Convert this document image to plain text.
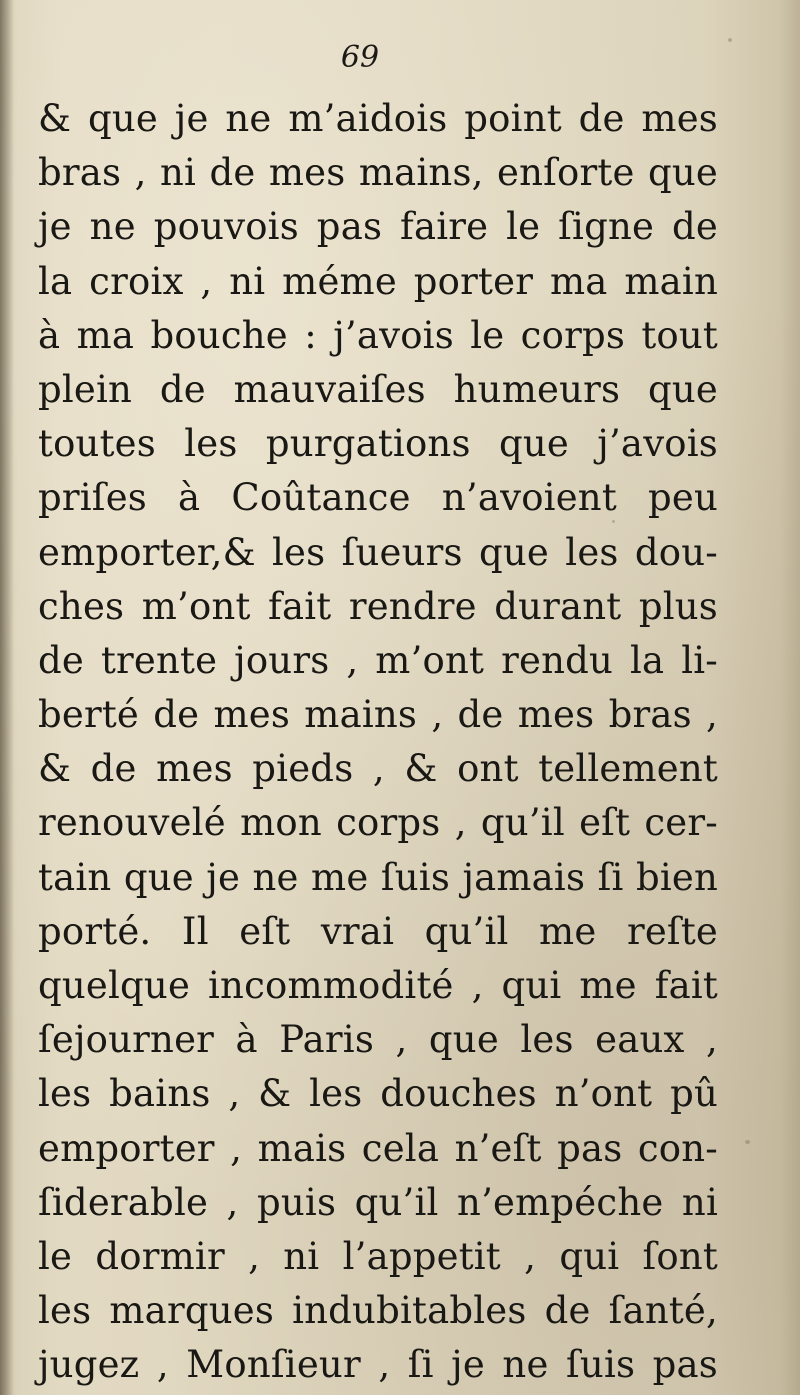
69
& que je ne m’aidois point de mes
bras , ni de mes mains, enſorte que
je ne pouvois pas faire le ſigne de
la croix , ni méme porter ma main
à ma bouche : j’avois le corps tout
plein de mauvaiſes humeurs que
toutes les purgations que j’avois
priſes à Coûtance n’avoient peu
emporter,& les ſueurs que les dou-
ches m’ont fait rendre durant plus
de trente jours , m’ont rendu la li-
berté de mes mains , de mes bras ,
& de mes pieds , & ont tellement
renouvelé mon corps , qu’il eſt cer-
tain que je ne me ſuis jamais ſi bien
porté. Il eſt vrai qu’il me reſte
quelque incommodité , qui me fait
ſejourner à Paris , que les eaux ,
les bains , & les douches n’ont pû
emporter , mais cela n’eſt pas con-
ſiderable , puis qu’il n’empéche ni
le dormir , ni l’appetit , qui ſont
les marques indubitables de ſanté,
jugez , Monſieur , ſi je ne ſuis pas
